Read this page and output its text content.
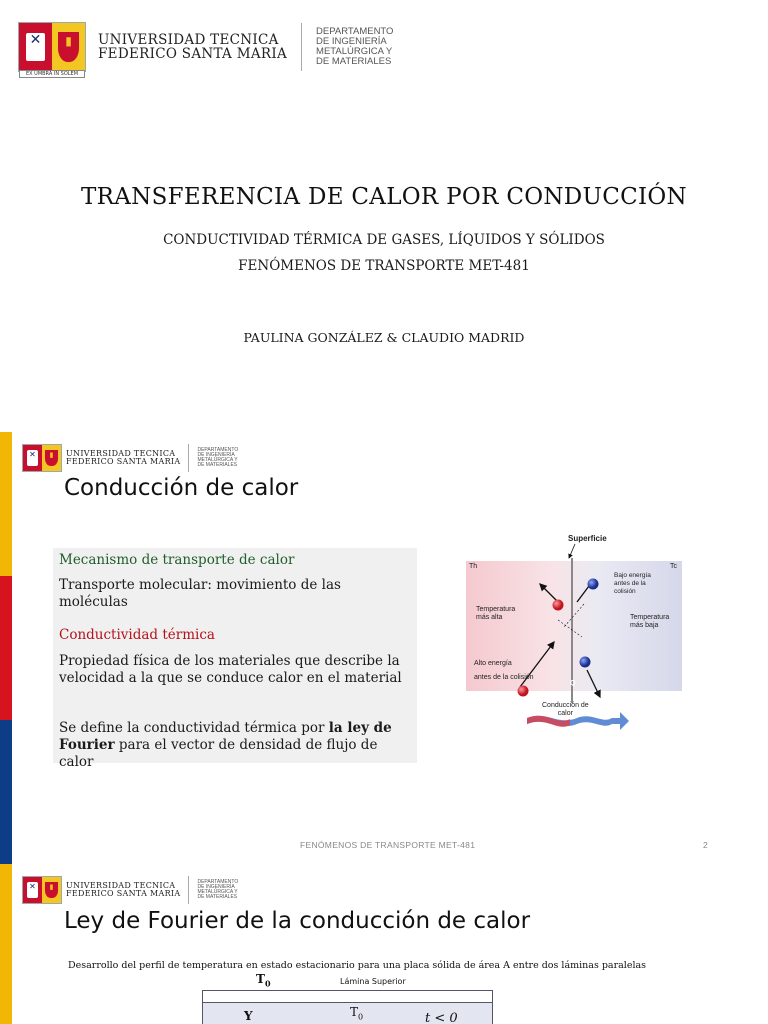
✕
▮
EX UMBRA IN SOLEM
UNIVERSIDAD TECNICA
FEDERICO SANTA MARIA
DEPARTAMENTO
DE INGENIERÍA
METALÚRGICA Y
DE MATERIALES
TRANSFERENCIA DE CALOR POR CONDUCCIÓN
CONDUCTIVIDAD TÉRMICA DE GASES, LÍQUIDOS Y SÓLIDOS
FENÓMENOS DE TRANSPORTE MET-481
PAULINA GONZÁLEZ & CLAUDIO MADRID
✕
▮
UNIVERSIDAD TECNICA
FEDERICO SANTA MARIA
DEPARTAMENTO
DE INGENIERÍA
METALÚRGICA Y
DE MATERIALES
Conducción de calor
Mecanismo de transporte de calor
Transporte molecular: movimiento de las moléculas
Conductividad térmica
Propiedad física de los materiales que describe la
velocidad a la que se conduce calor en el material
Se define la conductividad térmica por la ley de
Fourier para el vector de densidad de flujo de calor
Superficie
Th	Tc
Bajo energía
antes de la
colisión
Temperatura
más alta	Temperatura
más baja
Alto energía
antes de la colisión
Q
Conducción de
calor
FENÓMENOS DE TRANSPORTE MET-481	2
✕
▮
UNIVERSIDAD TECNICA
FEDERICO SANTA MARIA
DEPARTAMENTO
DE INGENIERÍA
METALÚRGICA Y
DE MATERIALES
Ley de Fourier de la conducción de calor
Desarrollo del perfil de temperatura en estado estacionario para una placa sólida de área A entre dos láminas paralelas
$T_0$	Lámina Superior
Y	$T_0$	t < 0
